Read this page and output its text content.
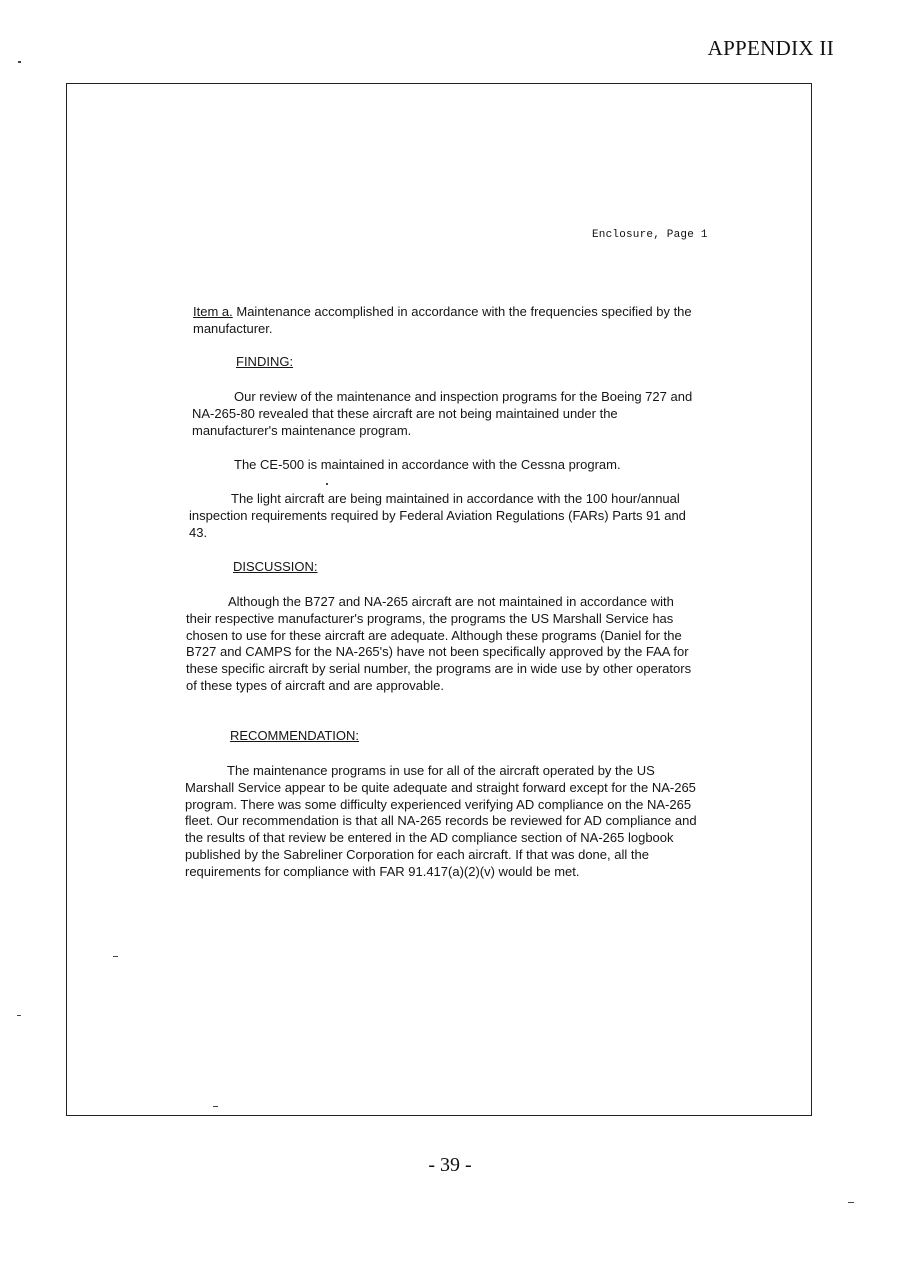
APPENDIX II
Enclosure, Page 1
Item a. Maintenance accomplished in accordance with the frequencies specified by the manufacturer.
FINDING:
Our review of the maintenance and inspection programs for the Boeing 727 and NA-265-80 revealed that these aircraft are not being maintained under the manufacturer's maintenance program.
The CE-500 is maintained in accordance with the Cessna program.
The light aircraft are being maintained in accordance with the 100 hour/annual inspection requirements required by Federal Aviation Regulations (FARs) Parts 91 and 43.
DISCUSSION:
Although the B727 and NA-265 aircraft are not maintained in accordance with their respective manufacturer's programs, the programs the US Marshall Service has chosen to use for these aircraft are adequate. Although these programs (Daniel for the B727 and CAMPS for the NA-265's) have not been specifically approved by the FAA for these specific aircraft by serial number, the programs are in wide use by other operators of these types of aircraft and are approvable.
RECOMMENDATION:
The maintenance programs in use for all of the aircraft operated by the US Marshall Service appear to be quite adequate and straight forward except for the NA-265 program. There was some difficulty experienced verifying AD compliance on the NA-265 fleet. Our recommendation is that all NA-265 records be reviewed for AD compliance and the results of that review be entered in the AD compliance section of NA-265 logbook published by the Sabreliner Corporation for each aircraft. If that was done, all the requirements for compliance with FAR 91.417(a)(2)(v) would be met.
- 39 -
